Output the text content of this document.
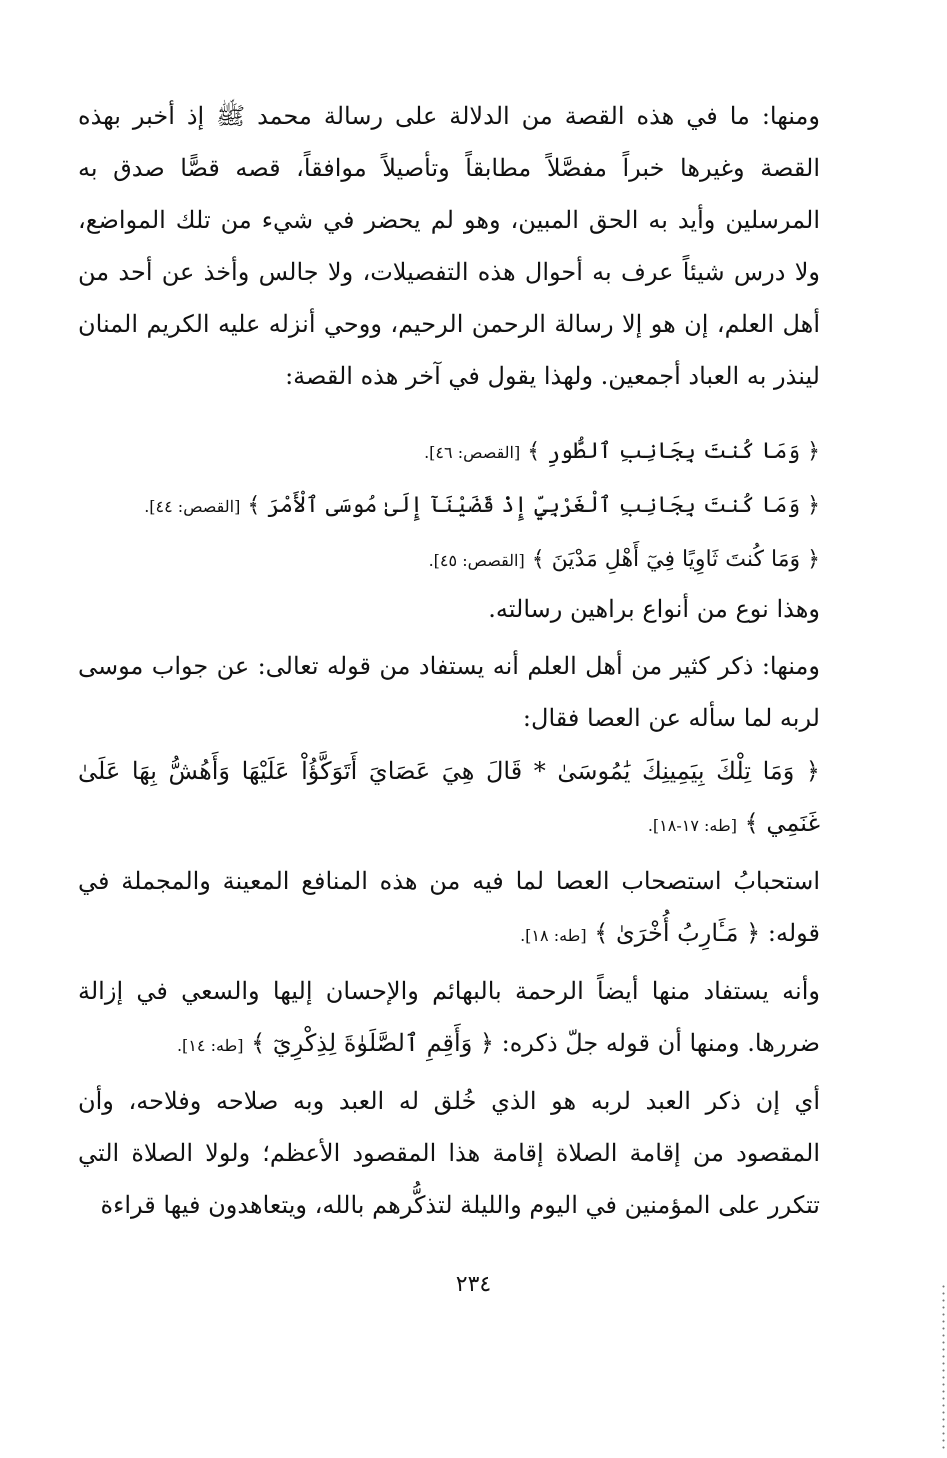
ومنها: ما في هذه القصة من الدلالة على رسالة محمد ﷺ إذ أخبر بهذه القصة وغيرها خبراً مفصَّلاً مطابقاً وتأصيلاً موافقاً، قصه قصًّا صدق به المرسلين وأيد به الحق المبين، وهو لم يحضر في شيء من تلك المواضع، ولا درس شيئاً عرف به أحوال هذه التفصيلات، ولا جالس وأخذ عن أحد من أهل العلم، إن هو إلا رسالة الرحمن الرحيم، ووحي أنزله عليه الكريم المنان لينذر به العباد أجمعين. ولهذا يقول في آخر هذه القصة:

﴿ وَمَا كُنتَ بِجَانِبِ ٱلطُّورِ ﴾ [القصص: ٤٦].
﴿ وَمَا كُنتَ بِجَانِبِ ٱلْغَرْبِيِّ إِذْ قَضَيْنَآ إِلَىٰ مُوسَى ٱلْأَمْرَ ﴾ [القصص: ٤٤].
﴿ وَمَا كُنتَ ثَاوِيًا فِيٓ أَهْلِ مَدْيَنَ ﴾ [القصص: ٤٥].

وهذا نوع من أنواع براهين رسالته.

ومنها: ذكر كثير من أهل العلم أنه يستفاد من قوله تعالى: عن جواب موسى لربه لما سأله عن العصا فقال:

﴿ وَمَا تِلْكَ بِيَمِينِكَ يَٰمُوسَىٰ * قَالَ هِيَ عَصَايَ أَتَوَكَّؤُاْ عَلَيْهَا وَأَهُشُّ بِهَا عَلَىٰ غَنَمِي ﴾ [طه: ١٧-١٨].

استحبابُ استصحاب العصا لما فيه من هذه المنافع المعينة والمجملة في قوله: ﴿ مَـَٔارِبُ أُخْرَىٰ ﴾ [طه: ١٨].

وأنه يستفاد منها أيضاً الرحمة بالبهائم والإحسان إليها والسعي في إزالة ضررها. ومنها أن قوله جلّ ذكره: ﴿ وَأَقِمِ ٱلصَّلَوٰةَ لِذِكْرِيٓ ﴾ [طه: ١٤].

أي إن ذكر العبد لربه هو الذي خُلق له العبد وبه صلاحه وفلاحه، وأن المقصود من إقامة الصلاة إقامة هذا المقصود الأعظم؛ ولولا الصلاة التي تتكرر على المؤمنين في اليوم والليلة لتذكُّرهم بالله، ويتعاهدون فيها قراءة

٢٣٤
